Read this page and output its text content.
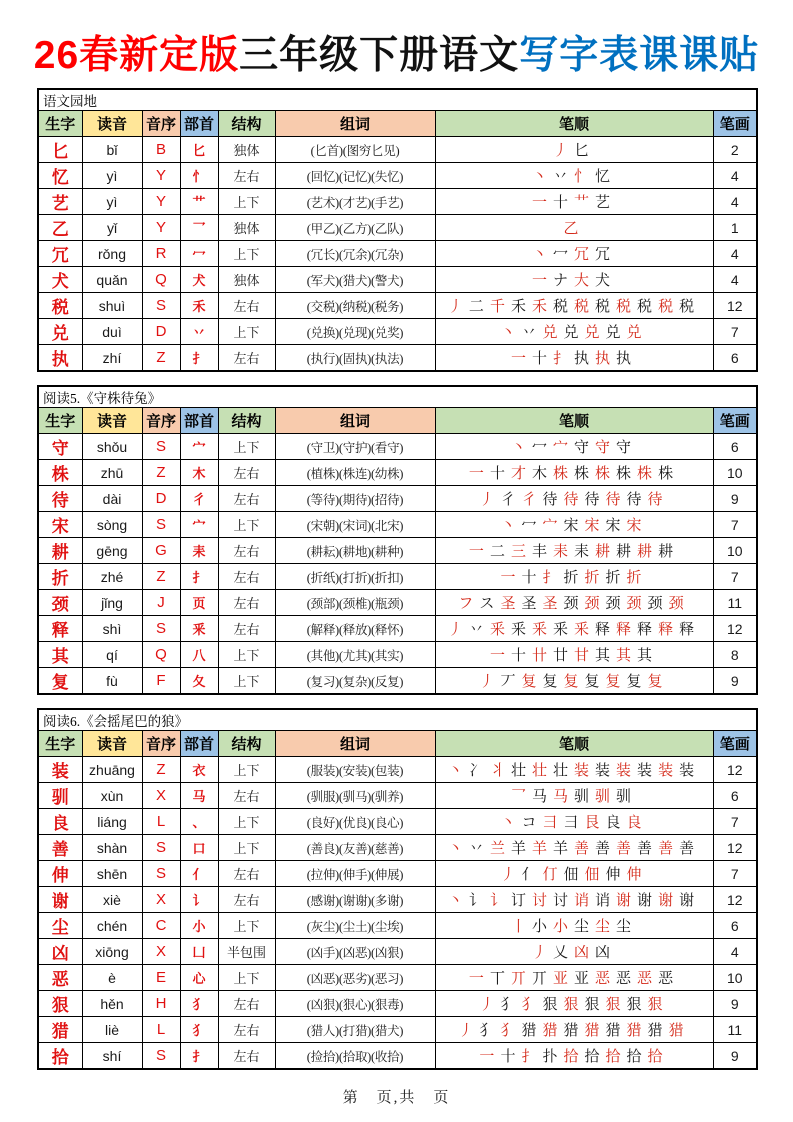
26春新定版三年级下册语文写字表课课贴
语文园地							
生字	读音	音序	部首	结构	组词	笔顺	笔画
匕	bǐ	B	匕	独体	(匕首)(图穷匕见)	丿 匕	2
忆	yì	Y	忄	左右	(回忆)(记忆)(失忆)	丶 丷 忄 忆	4
艺	yì	Y	艹	上下	(艺术)(才艺)(手艺)	一 十 艹 艺	4
乙	yǐ	Y	乛	独体	(甲乙)(乙方)(乙队)	乙	1
冗	rǒng	R	冖	上下	(冗长)(冗余)(冗杂)	丶 冖 冗 冗	4
犬	quǎn	Q	犬	独体	(军犬)(猎犬)(警犬)	一 ナ 大 犬	4
税	shuì	S	禾	左右	(交税)(纳税)(税务)	丿 二 千 禾 禾 税 税 税 税 税 税 税	12
兑	duì	D	丷	上下	(兑换)(兑现)(兑奖)	丶 丷 兑 兑 兑 兑 兑	7
执	zhí	Z	扌	左右	(执行)(固执)(执法)	一 十 扌 执 执 执	6
阅读5.《守株待兔》							
生字	读音	音序	部首	结构	组词	笔顺	笔画
守	shǒu	S	宀	上下	(守卫)(守护)(看守)	丶 冖 宀 守 守 守	6
株	zhū	Z	木	左右	(植株)(株连)(幼株)	一 十 才 木 株 株 株 株 株 株	10
待	dài	D	彳	左右	(等待)(期待)(招待)	丿 彳 彳 待 待 待 待 待 待	9
宋	sòng	S	宀	上下	(宋朝)(宋词)(北宋)	丶 冖 宀 宋 宋 宋 宋	7
耕	gēng	G	耒	左右	(耕耘)(耕地)(耕种)	一 二 三 丰 耒 耒 耕 耕 耕 耕	10
折	zhé	Z	扌	左右	(折纸)(打折)(折扣)	一 十 扌 折 折 折 折	7
颈	jǐng	J	页	左右	(颈部)(颈椎)(瓶颈)	フ ス 圣 圣 圣 颈 颈 颈 颈 颈 颈	11
释	shì	S	釆	左右	(解释)(释放)(释怀)	丿 丷 釆 釆 釆 釆 釆 释 释 释 释 释	12
其	qí	Q	八	上下	(其他)(尤其)(其实)	一 十 卄 廿 甘 其 其 其	8
复	fù	F	夂	上下	(复习)(复杂)(反复)	丿 丆 复 复 复 复 复 复 复	9
阅读6.《会摇尾巴的狼》							
生字	读音	音序	部首	结构	组词	笔顺	笔画
装	zhuāng	Z	衣	上下	(服装)(安装)(包装)	丶 冫 丬 壮 壮 壮 装 装 装 装 装 装	12
驯	xùn	X	马	左右	(驯服)(驯马)(驯养)	乛 马 马 驯 驯 驯	6
良	liáng	L	、	上下	(良好)(优良)(良心)	丶 コ 彐 彐 艮 良 良	7
善	shàn	S	口	上下	(善良)(友善)(慈善)	丶 丷 兰 羊 羊 羊 善 善 善 善 善 善	12
伸	shēn	S	亻	左右	(拉伸)(伸手)(伸展)	丿 亻 仃 佃 佃 伸 伸	7
谢	xiè	X	讠	左右	(感谢)(谢谢)(多谢)	丶 讠 讠 订 讨 讨 诮 诮 谢 谢 谢 谢	12
尘	chén	C	小	上下	(灰尘)(尘土)(尘埃)	丨 小 小 尘 尘 尘	6
凶	xiōng	X	凵	半包围	(凶手)(凶恶)(凶狠)	丿 乂 凶 凶	4
恶	è	E	心	上下	(凶恶)(恶劣)(恶习)	一 丅 丌 丌 亚 亚 恶 恶 恶 恶	10
狠	hěn	H	犭	左右	(凶狠)(狠心)(狠毒)	丿 犭 犭 狠 狠 狠 狠 狠 狠	9
猎	liè	L	犭	左右	(猎人)(打猎)(猎犬)	丿 犭 犭 猎 猎 猎 猎 猎 猎 猎 猎	11
拾	shí	S	扌	左右	(捡拾)(拾取)(收拾)	一 十 扌 扑 拾 拾 拾 拾 拾	9
第　页,共　页
